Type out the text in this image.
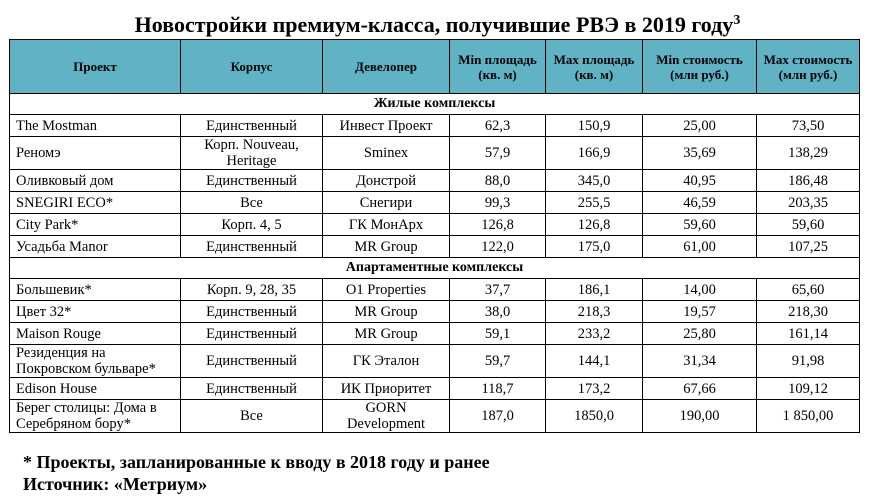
Новостройки премиум-класса, получившие РВЭ в 2019 году$^3$
Проект	Корпус	Девелопер	Min площадь (кв. м)	Max площадь (кв. м)	Min стоимость (млн руб.)	Max стоимость (млн руб.)
Жилые комплексы						
The Mostman	Единственный	Инвест Проект	62,3	150,9	25,00	73,50
Реномэ	Корп. Nouveau, Heritage	Sminex	57,9	166,9	35,69	138,29
Оливковый дом	Единственный	Донстрой	88,0	345,0	40,95	186,48
SNEGIRI ECO*	Все	Снегири	99,3	255,5	46,59	203,35
City Park*	Корп. 4, 5	ГК МонАрх	126,8	126,8	59,60	59,60
Усадьба Manor	Единственный	MR Group	122,0	175,0	61,00	107,25
Апартаментные комплексы						
Большевик*	Корп. 9, 28, 35	O1 Properties	37,7	186,1	14,00	65,60
Цвет 32*	Единственный	MR Group	38,0	218,3	19,57	218,30
Maison Rouge	Единственный	MR Group	59,1	233,2	25,80	161,14
Резиденция на Покровском бульваре*	Единственный	ГК Эталон	59,7	144,1	31,34	91,98
Edison House	Единственный	ИК Приоритет	118,7	173,2	67,66	109,12
Берег столицы: Дома в Серебряном бору*	Все	GORN Development	187,0	1850,0	190,00	1 850,00
* Проекты, запланированные к вводу в 2018 году и ранее
Источник: «Метриум»
